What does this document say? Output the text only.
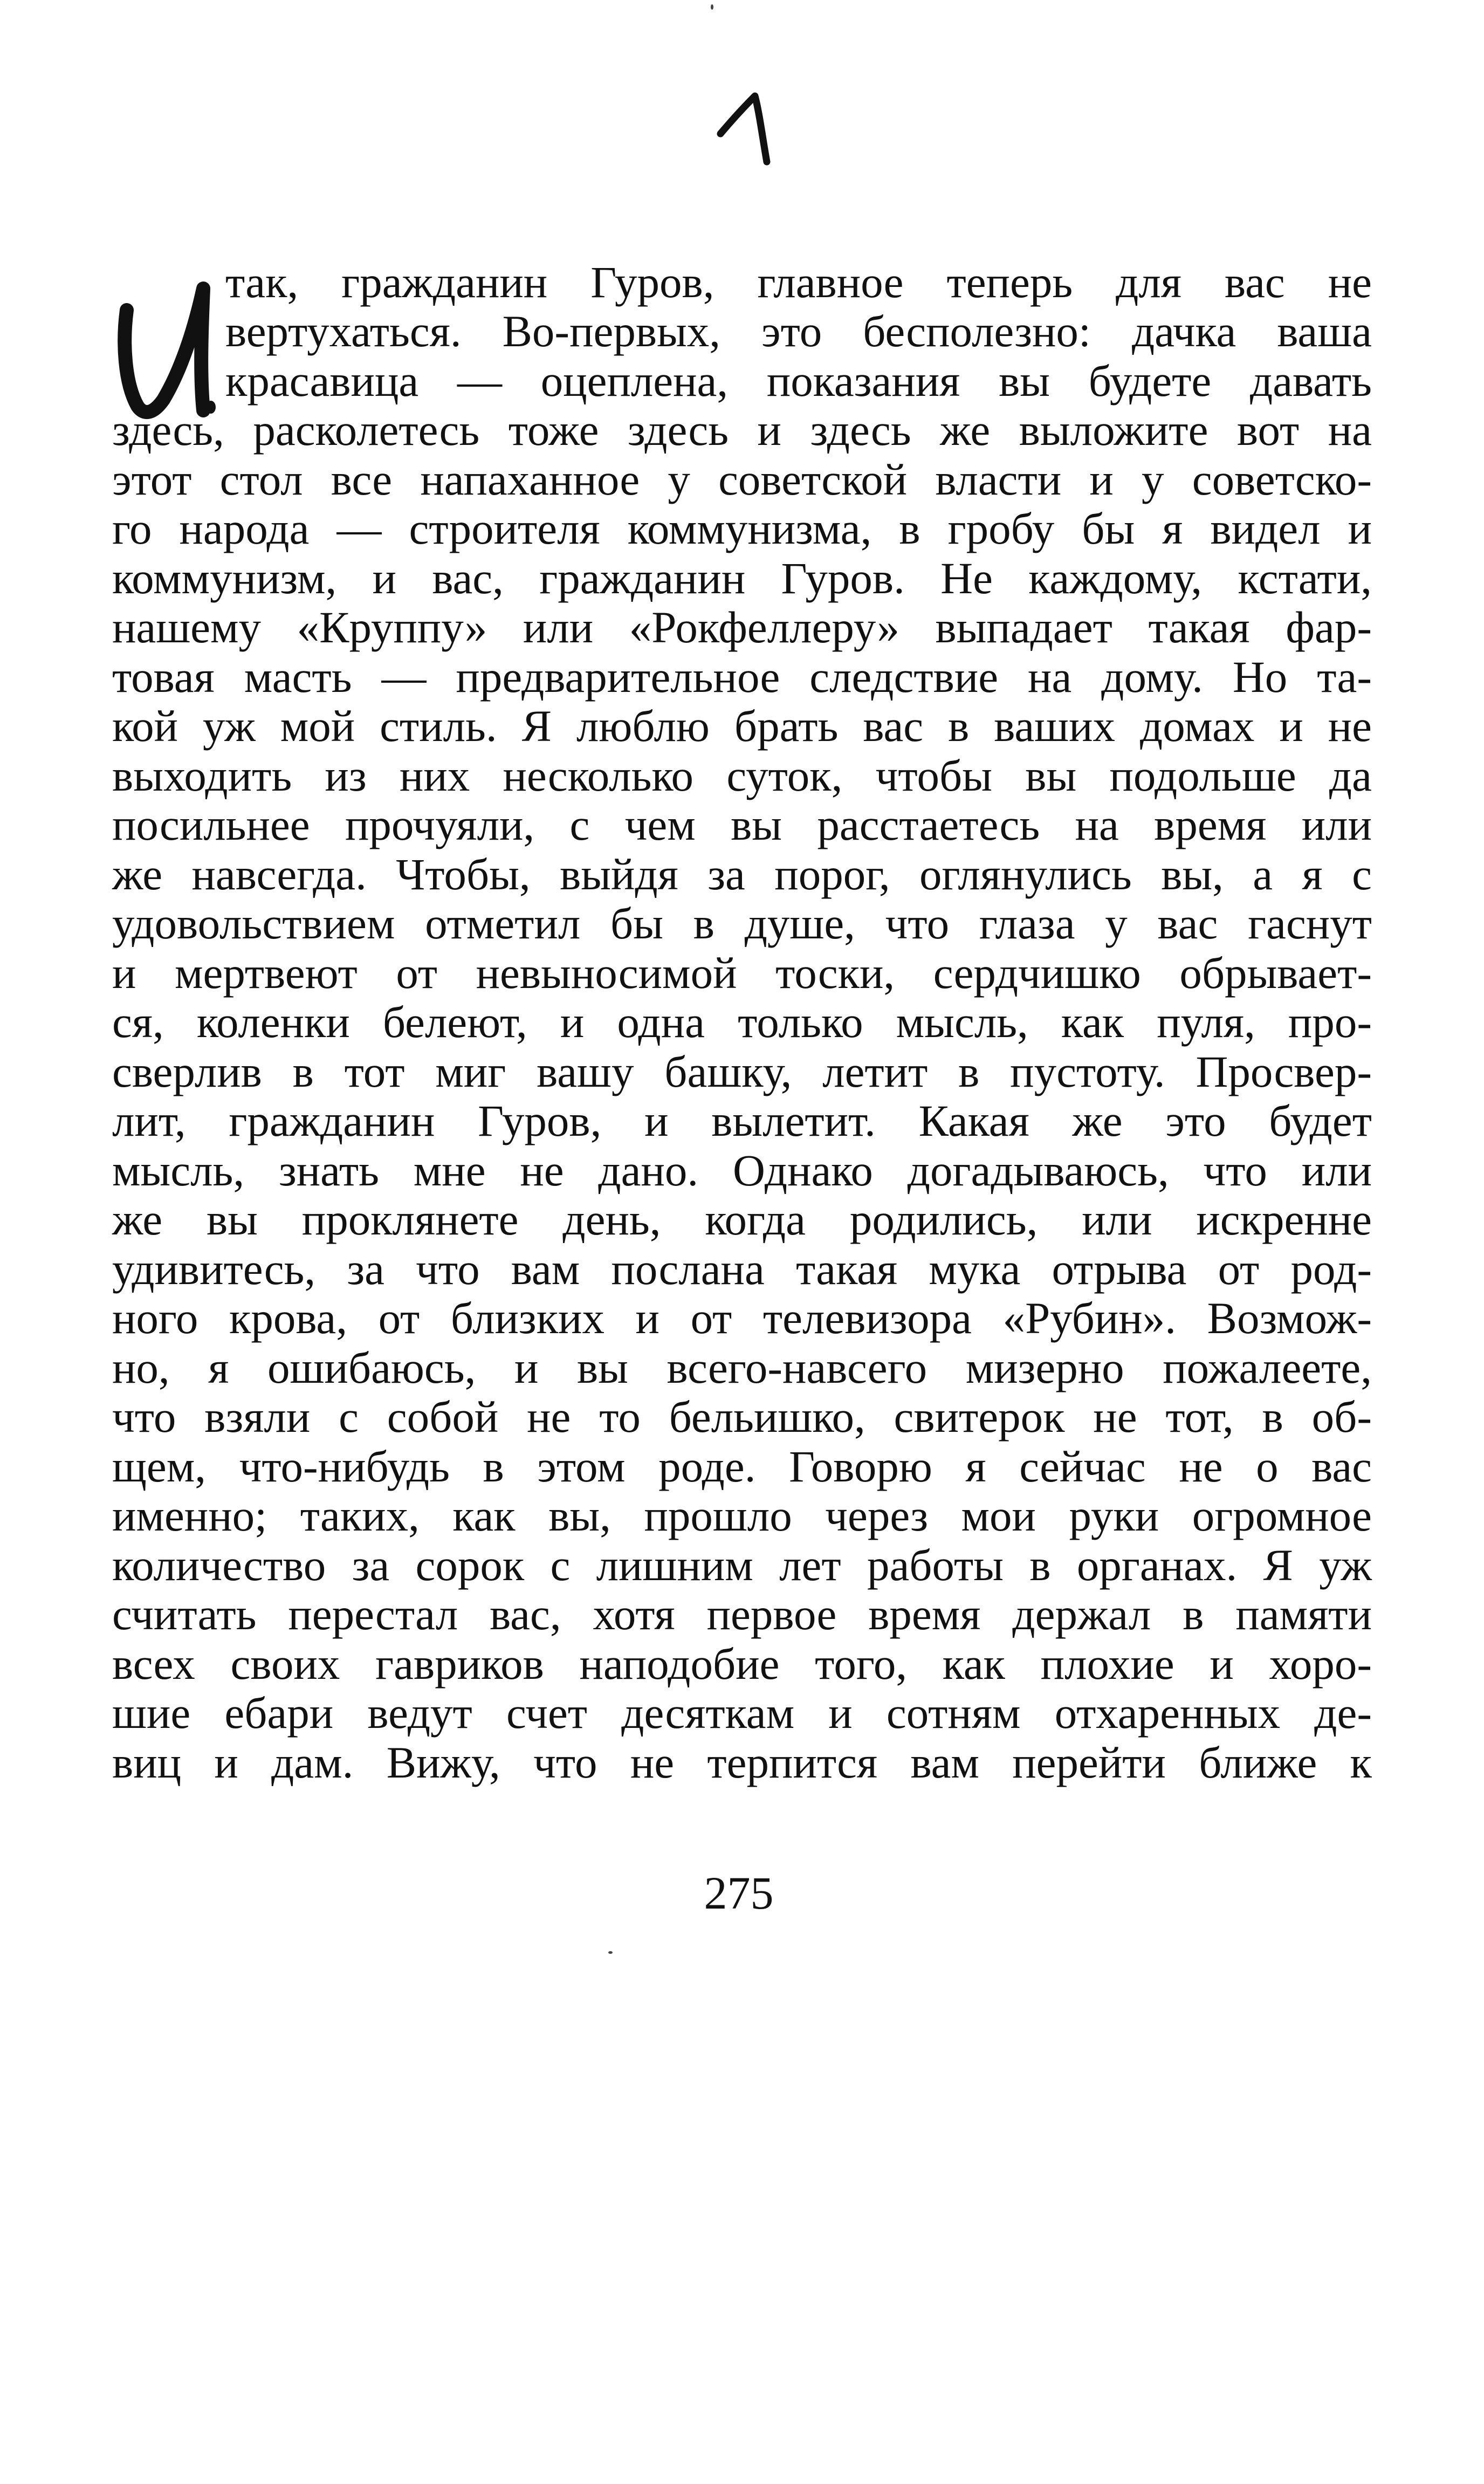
так, гражданин Гуров, главное теперь для вас не
вертухаться. Во-первых, это бесполезно: дачка ваша
красавица — оцеплена, показания вы будете давать
здесь, расколетесь тоже здесь и здесь же выложите вот на
этот стол все напаханное у советской власти и у советско-
го народа — строителя коммунизма, в гробу бы я видел и
коммунизм, и вас, гражданин Гуров. Не каждому, кстати,
нашему «Круппу» или «Рокфеллеру» выпадает такая фар-
товая масть — предварительное следствие на дому. Но та-
кой уж мой стиль. Я люблю брать вас в ваших домах и не
выходить из них несколько суток, чтобы вы подольше да
посильнее прочуяли, с чем вы расстаетесь на время или
же навсегда. Чтобы, выйдя за порог, оглянулись вы, а я с
удовольствием отметил бы в душе, что глаза у вас гаснут
и мертвеют от невыносимой тоски, сердчишко обрывает-
ся, коленки белеют, и одна только мысль, как пуля, про-
сверлив в тот миг вашу башку, летит в пустоту. Просвер-
лит, гражданин Гуров, и вылетит. Какая же это будет
мысль, знать мне не дано. Однако догадываюсь, что или
же вы проклянете день, когда родились, или искренне
удивитесь, за что вам послана такая мука отрыва от род-
ного крова, от близких и от телевизора «Рубин». Возмож-
но, я ошибаюсь, и вы всего-навсего мизерно пожалеете,
что взяли с собой не то бельишко, свитерок не тот, в об-
щем, что-нибудь в этом роде. Говорю я сейчас не о вас
именно; таких, как вы, прошло через мои руки огромное
количество за сорок с лишним лет работы в органах. Я уж
считать перестал вас, хотя первое время держал в памяти
всех своих гавриков наподобие того, как плохие и хоро-
шие ебари ведут счет десяткам и сотням отхаренных де-
виц и дам. Вижу, что не терпится вам перейти ближе к
275
